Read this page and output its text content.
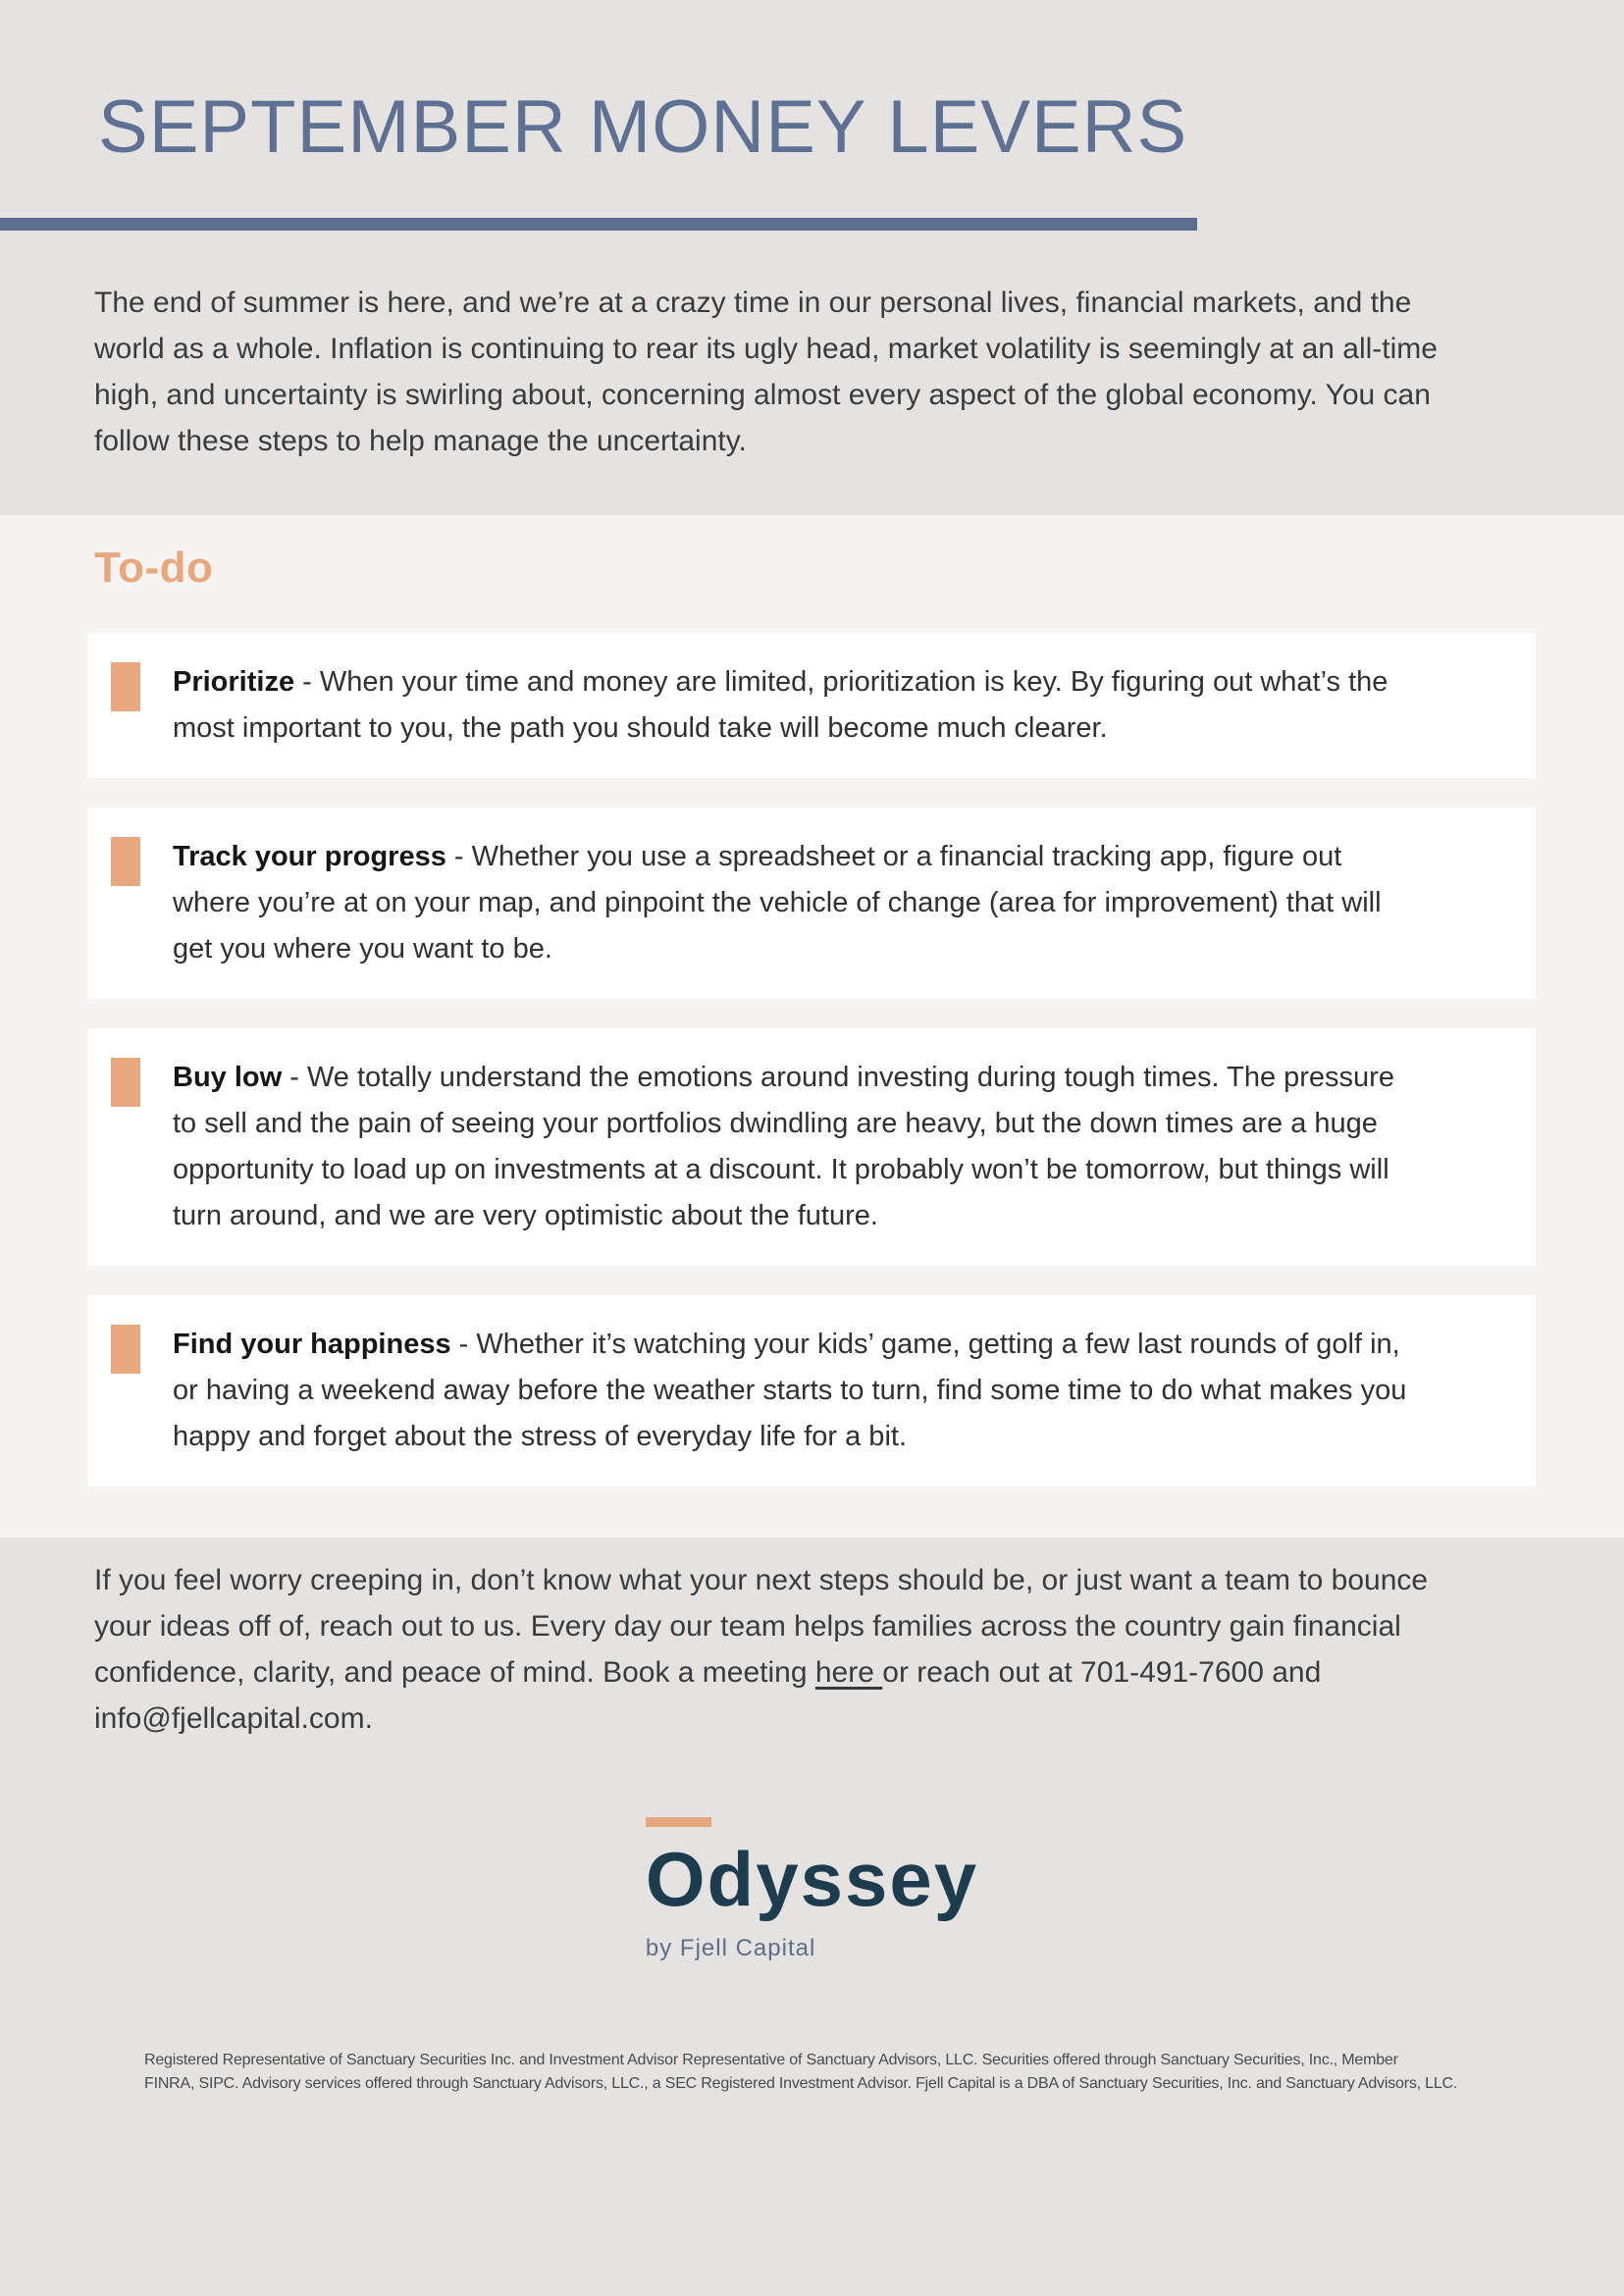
SEPTEMBER MONEY LEVERS

The end of summer is here, and we’re at a crazy time in our personal lives, financial markets, and the world as a whole. Inflation is continuing to rear its ugly head, market volatility is seemingly at an all-time high, and uncertainty is swirling about, concerning almost every aspect of the global economy. You can follow these steps to help manage the uncertainty.

To-do

Prioritize - When your time and money are limited, prioritization is key. By figuring out what’s the most important to you, the path you should take will become much clearer.

Track your progress - Whether you use a spreadsheet or a financial tracking app, figure out where you’re at on your map, and pinpoint the vehicle of change (area for improvement) that will get you where you want to be.

Buy low - We totally understand the emotions around investing during tough times. The pressure to sell and the pain of seeing your portfolios dwindling are heavy, but the down times are a huge opportunity to load up on investments at a discount. It probably won’t be tomorrow, but things will turn around, and we are very optimistic about the future.

Find your happiness - Whether it’s watching your kids’ game, getting a few last rounds of golf in, or having a weekend away before the weather starts to turn, find some time to do what makes you happy and forget about the stress of everyday life for a bit.

If you feel worry creeping in, don’t know what your next steps should be, or just want a team to bounce your ideas off of, reach out to us. Every day our team helps families across the country gain financial confidence, clarity, and peace of mind. Book a meeting here or reach out at 701-491-7600 and info@fjellcapital.com.

Odyssey
by Fjell Capital
Registered Representative of Sanctuary Securities Inc. and Investment Advisor Representative of Sanctuary Advisors, LLC. Securities offered through Sanctuary Securities, Inc., Member
FINRA, SIPC. Advisory services offered through Sanctuary Advisors, LLC., a SEC Registered Investment Advisor. Fjell Capital is a DBA of Sanctuary Securities, Inc. and Sanctuary Advisors, LLC.
